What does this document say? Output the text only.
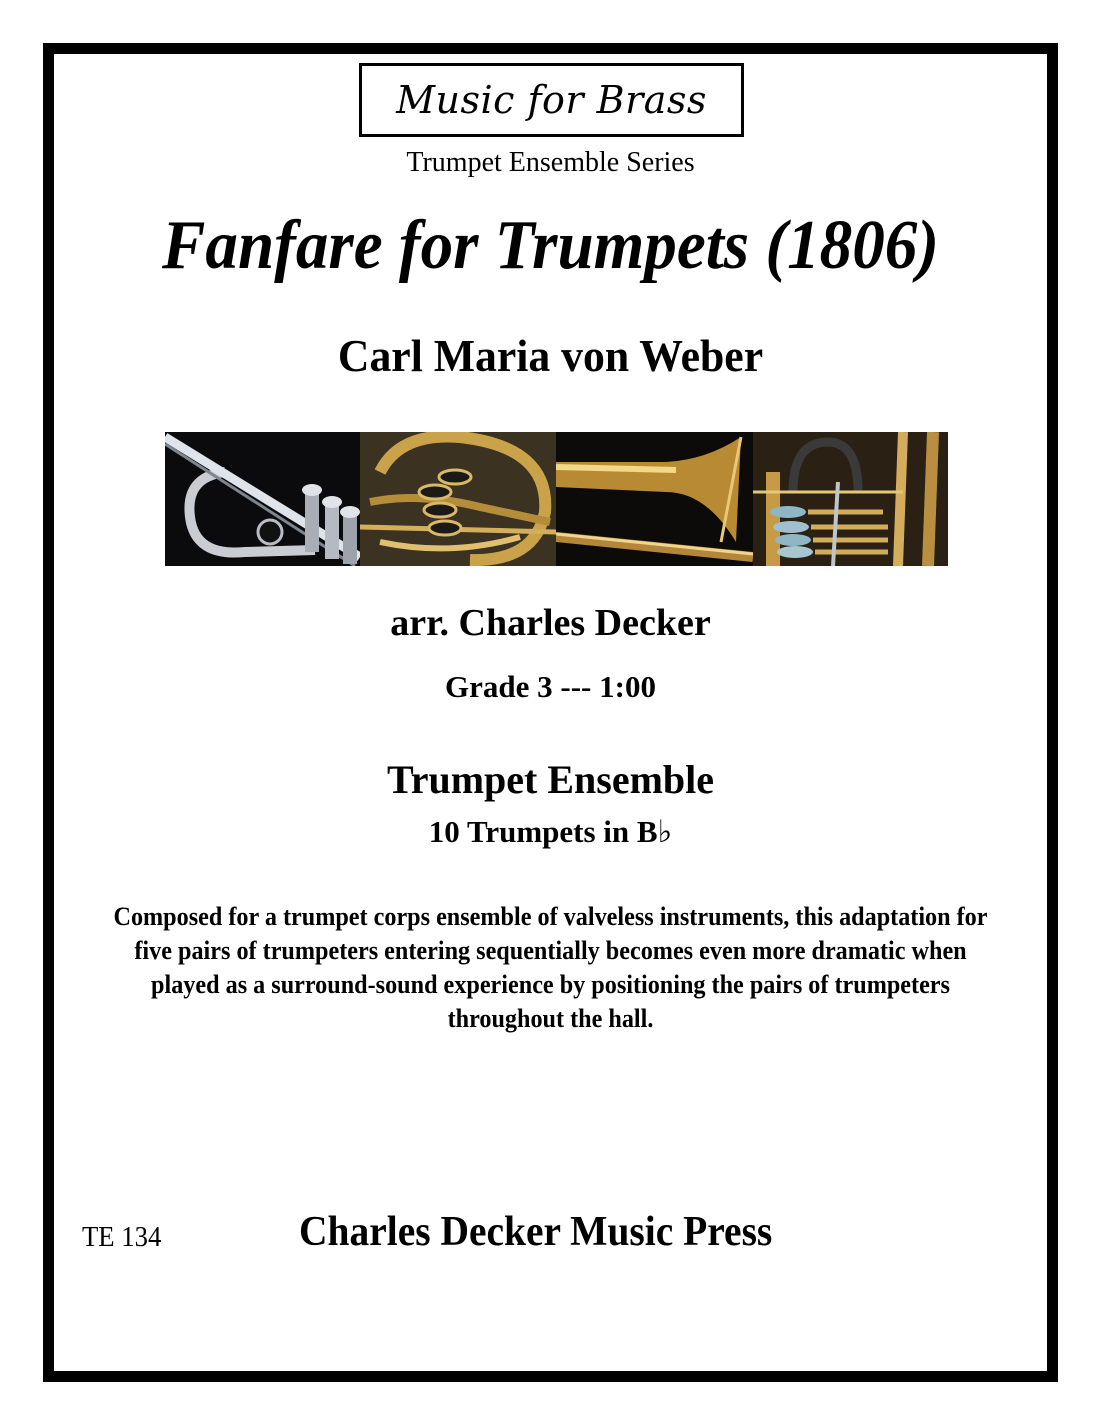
Music for Brass
Trumpet Ensemble Series
Fanfare for Trumpets (1806)
Carl Maria von Weber
arr. Charles Decker
Grade 3 --- 1:00
Trumpet Ensemble
10 Trumpets in B♭
Composed for a trumpet corps ensemble of valveless instruments, this adaptation for five pairs of trumpeters entering sequentially becomes even more dramatic when played as a surround-sound experience by positioning the pairs of trumpeters throughout the hall.
TE 134	Charles Decker Music Press
